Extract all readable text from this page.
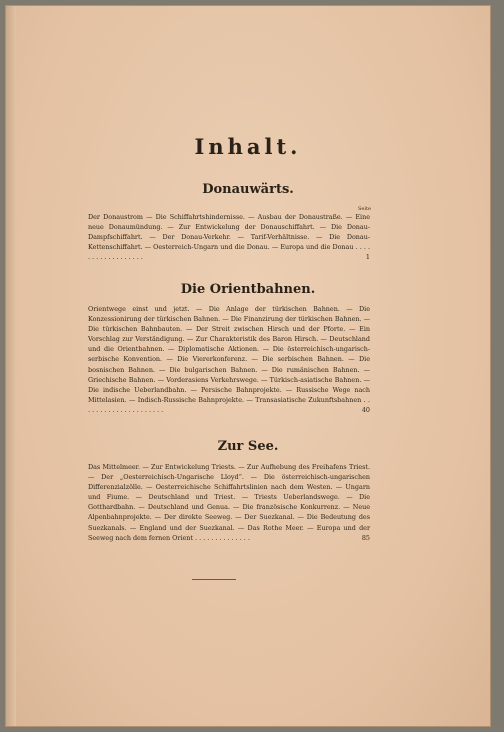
Inhalt.
Donauwärts.
Seite
Der Donaustrom — Die Schiffahrtshindernisse. — Ausbau der Donaustraße. — Eine neue Donaumündung. — Zur Entwickelung der Donauschiffahrt. — Die Donau-Dampfschiffahrt. — Der Donau-Verkehr. — Tarif-Verhältnisse. — Die Donau-Kettenschiffahrt. — Oesterreich-Ungarn und die Donau. — Europa und die Donau . . . . . . . . . . . . . . . . . .	1
Die Orientbahnen.
Orientwege einst und jetzt. — Die Anlage der türkischen Bahnen. — Die Konzessionirung der türkischen Bahnen. — Die Finanzirung der türkischen Bahnen. — Die türkischen Bahnbauten. — Der Streit zwischen Hirsch und der Pforte. — Ein Vorschlag zur Verständigung. — Zur Charakteristik des Baron Hirsch. — Deutschland und die Orientbahnen. — Diplomatische Aktionen. — Die österreichisch-ungarisch-serbische Konvention. — Die Viererkonferenz. — Die serbischen Bahnen. — Die bosnischen Bahnen. — Die bulgarischen Bahnen. — Die rumänischen Bahnen. — Griechische Bahnen. — Vorderasiens Verkehrswege. — Türkisch-asiatische Bahnen. — Die indische Ueberlandbahn. — Persische Bahnprojekte. — Russische Wege nach Mittelasien. — Indisch-Russische Bahnprojekte. — Transasiatische Zukunftsbahnen . . . . . . . . . . . . . . . . . . . . .	40
Zur See.
Das Mittelmeer. — Zur Entwickelung Triests. — Zur Aufhebung des Freihafens Triest. — Der „Oesterreichisch-Ungarische Lloyd“. — Die österreichisch-ungarischen Differenzialzölle. — Oesterreichische Schiffahrtslinien nach dem Westen. — Ungarn und Fiume. — Deutschland und Triest. — Triests Ueberlandswege. — Die Gotthardbahn. — Deutschland und Genua. — Die französische Konkurrenz. — Neue Alpenbahnprojekte. — Der direkte Seeweg. — Der Suezkanal. — Die Bedeutung des Suezkanals. — England und der Suezkanal. — Das Rothe Meer. — Europa und der Seeweg nach dem fernen Orient . . . . . . . . . . . . . .	85
